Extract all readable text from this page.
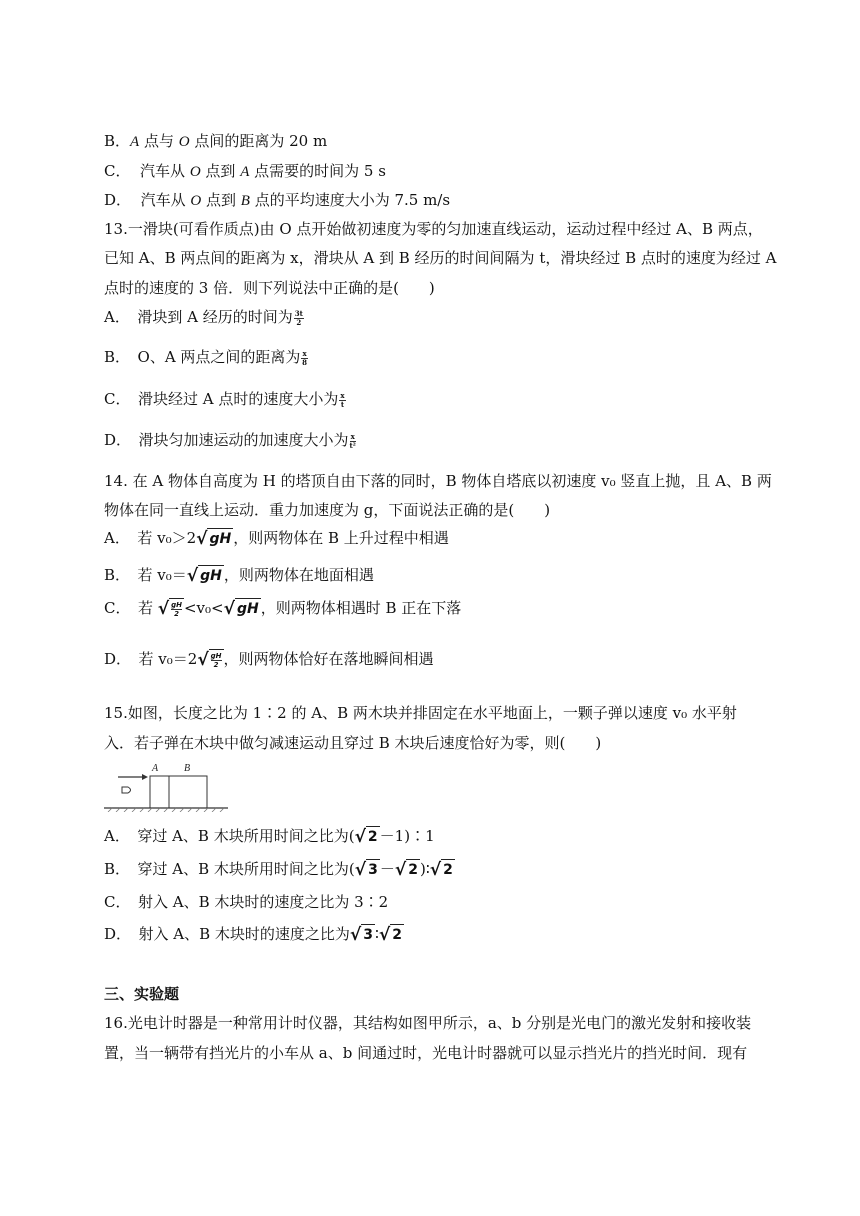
B．A 点与 O 点间的距离为 20 m
C． 汽车从 O 点到 A 点需要的时间为 5 s
D． 汽车从 O 点到 B 点的平均速度大小为 7.5 m/s
13.一滑块(可看作质点)由 O 点开始做初速度为零的匀加速直线运动，运动过程中经过 A、B 两点，
已知 A、B 两点间的距离为 x，滑块从 A 到 B 经历的时间间隔为 t，滑块经过 B 点时的速度为经过 A
点时的速度的 3 倍．则下列说法中正确的是(　　)
A．　滑块到 A 经历的时间为 $\frac{3t}{2}$
B．　O、A 两点之间的距离为 $\frac{x}{8}$
C．　滑块经过 A 点时的速度大小为 $\frac{x}{t}$
D．　滑块匀加速运动的加速度大小为 $\frac{x}{\text{t²}}$
14. 在 A 物体自高度为 H 的塔顶自由下落的同时，B 物体自塔底以初速度 v₀ 竖直上抛，且 A、B 两
物体在同一直线上运动．重力加速度为 g，下面说法正确的是(　　)
A．　若 v₀＞2 √ gH ，则两物体在 B 上升过程中相遇
B．　若 v₀＝ √ gH ，则两物体在地面相遇
C．　若 √ gH
2 <v₀< √ gH ，则两物体相遇时 B 正在下落
D．　若 v₀＝2 √ gH
2 ，则两物体恰好在落地瞬间相遇
15.如图，长度之比为 1∶2 的 A、B 两木块并排固定在水平地面上，一颗子弹以速度 v₀ 水平射
入．若子弹在木块中做匀减速运动且穿过 B 木块后速度恰好为零，则(　　)
A	B
A．　穿过 A、B 木块所用时间之比为( √ 2 －1)∶1
B．　穿过 A、B 木块所用时间之比为( √ 3 － √ 2 )∶ √ 2
C．　射入 A、B 木块时的速度之比为 3∶2
D．　射入 A、B 木块时的速度之比为 √ 3 ∶ √ 2
三、实验题
16.光电计时器是一种常用计时仪器，其结构如图甲所示，a、b 分别是光电门的激光发射和接收装
置，当一辆带有挡光片的小车从 a、b 间通过时，光电计时器就可以显示挡光片的挡光时间．现有
